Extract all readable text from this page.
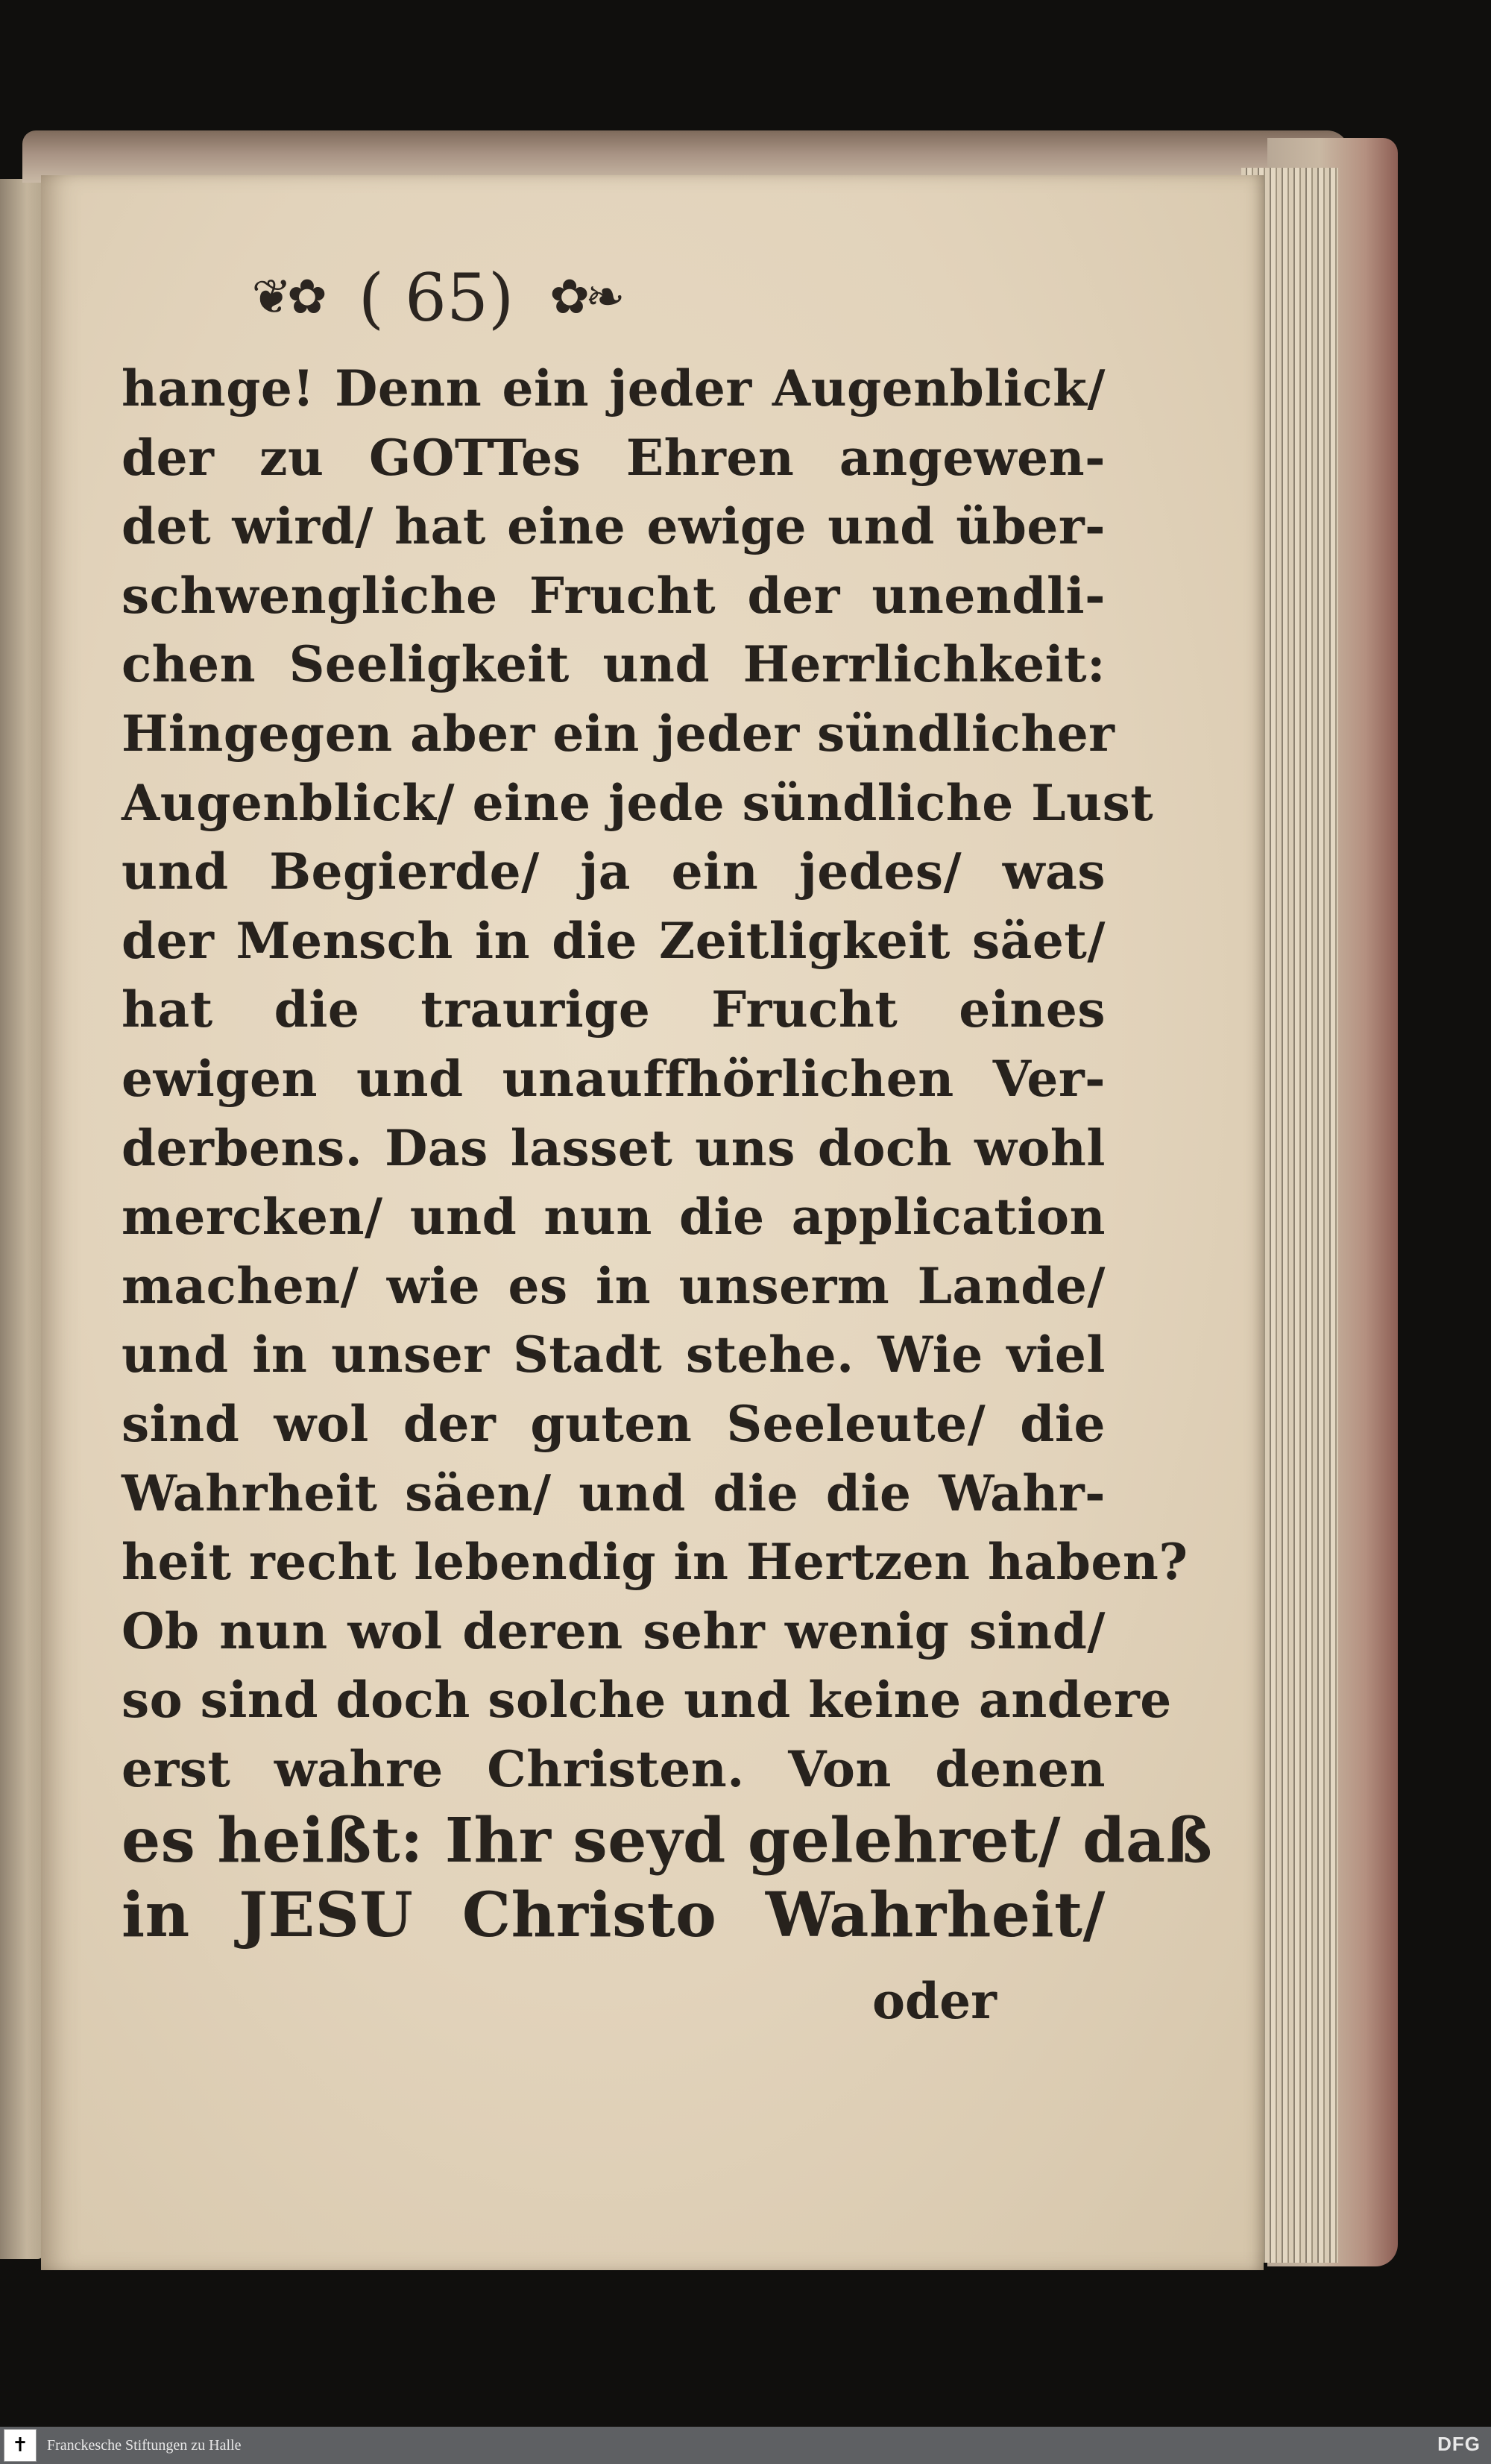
❦✿ ( 65) ✿❧
hange! Denn ein jeder Augenblick/
der zu GOTTes Ehren angewen-
det wird/ hat eine ewige und über-
schwengliche Frucht der unendli-
chen Seeligkeit und Herrlichkeit:
Hingegen aber ein jeder sündlicher
Augenblick/ eine jede sündliche Lust
und Begierde/ ja ein jedes/ was
der Mensch in die Zeitligkeit säet/
hat die traurige Frucht eines
ewigen und unauffhörlichen Ver-
derbens. Das lasset uns doch wohl
mercken/ und nun die application
machen/ wie es in unserm Lande/
und in unser Stadt stehe. Wie viel
sind wol der guten Seeleute/ die
Wahrheit säen/ und die die Wahr-
heit recht lebendig in Hertzen haben?
Ob nun wol deren sehr wenig sind/
so sind doch solche und keine andere
erst wahre Christen. Von denen
es heißt: Ihr seyd gelehret/ daß
in JESU Christo Wahrheit/
oder
✝	Franckesche Stiftungen zu Halle	DFG
